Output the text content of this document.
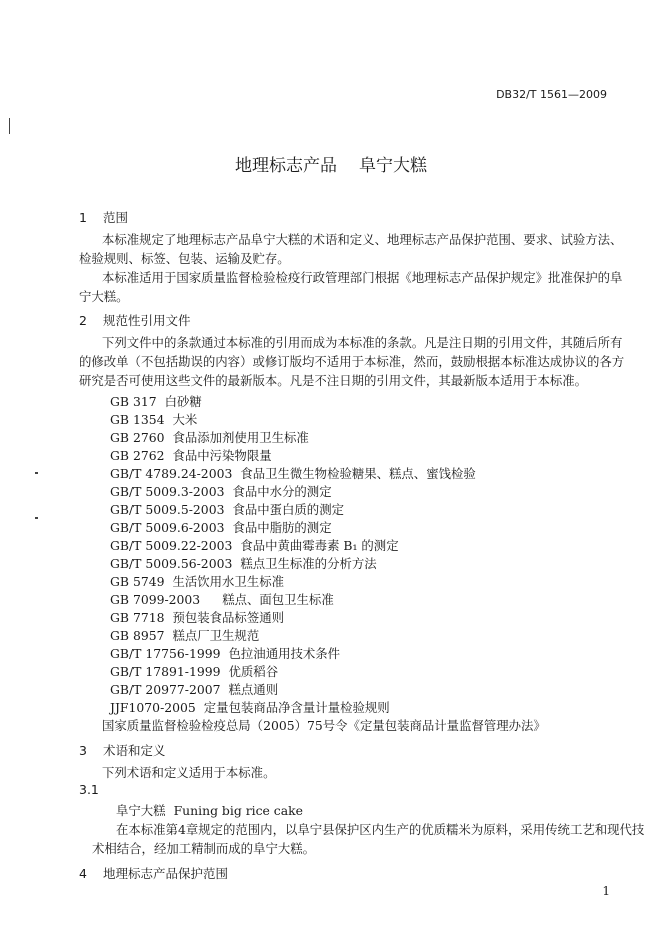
DB32/T 1561—2009
地理标志产品 阜宁大糕
1 范围
本标准规定了地理标志产品阜宁大糕的术语和定义、地理标志产品保护范围、要求、试验方法、
检验规则、标签、包装、运输及贮存。
本标准适用于国家质量监督检验检疫行政管理部门根据《地理标志产品保护规定》批准保护的阜
宁大糕。
2 规范性引用文件
下列文件中的条款通过本标准的引用而成为本标准的条款。凡是注日期的引用文件，其随后所有
的修改单（不包括勘误的内容）或修订版均不适用于本标准，然而，鼓励根据本标准达成协议的各方
研究是否可使用这些文件的最新版本。凡是不注日期的引用文件，其最新版本适用于本标准。
GB 317 白砂糖
GB 1354 大米
GB 2760 食品添加剂使用卫生标准
GB 2762 食品中污染物限量
GB/T 4789.24-2003 食品卫生微生物检验糖果、糕点、蜜饯检验
GB/T 5009.3-2003 食品中水分的测定
GB/T 5009.5-2003 食品中蛋白质的测定
GB/T 5009.6-2003 食品中脂肪的测定
GB/T 5009.22-2003 食品中黄曲霉毒素 B₁ 的测定
GB/T 5009.56-2003 糕点卫生标准的分析方法
GB 5749 生活饮用水卫生标准
GB 7099-2003 糕点、面包卫生标准
GB 7718 预包装食品标签通则
GB 8957 糕点厂卫生规范
GB/T 17756-1999 色拉油通用技术条件
GB/T 17891-1999 优质稻谷
GB/T 20977-2007 糕点通则
JJF1070-2005 定量包装商品净含量计量检验规则
国家质量监督检验检疫总局（2005）75号令《定量包装商品计量监督管理办法》
3 术语和定义
下列术语和定义适用于本标准。
3.1
阜宁大糕 Funing big rice cake
在本标准第4章规定的范围内，以阜宁县保护区内生产的优质糯米为原料，采用传统工艺和现代技
术相结合，经加工精制而成的阜宁大糕。
4 地理标志产品保护范围
1
